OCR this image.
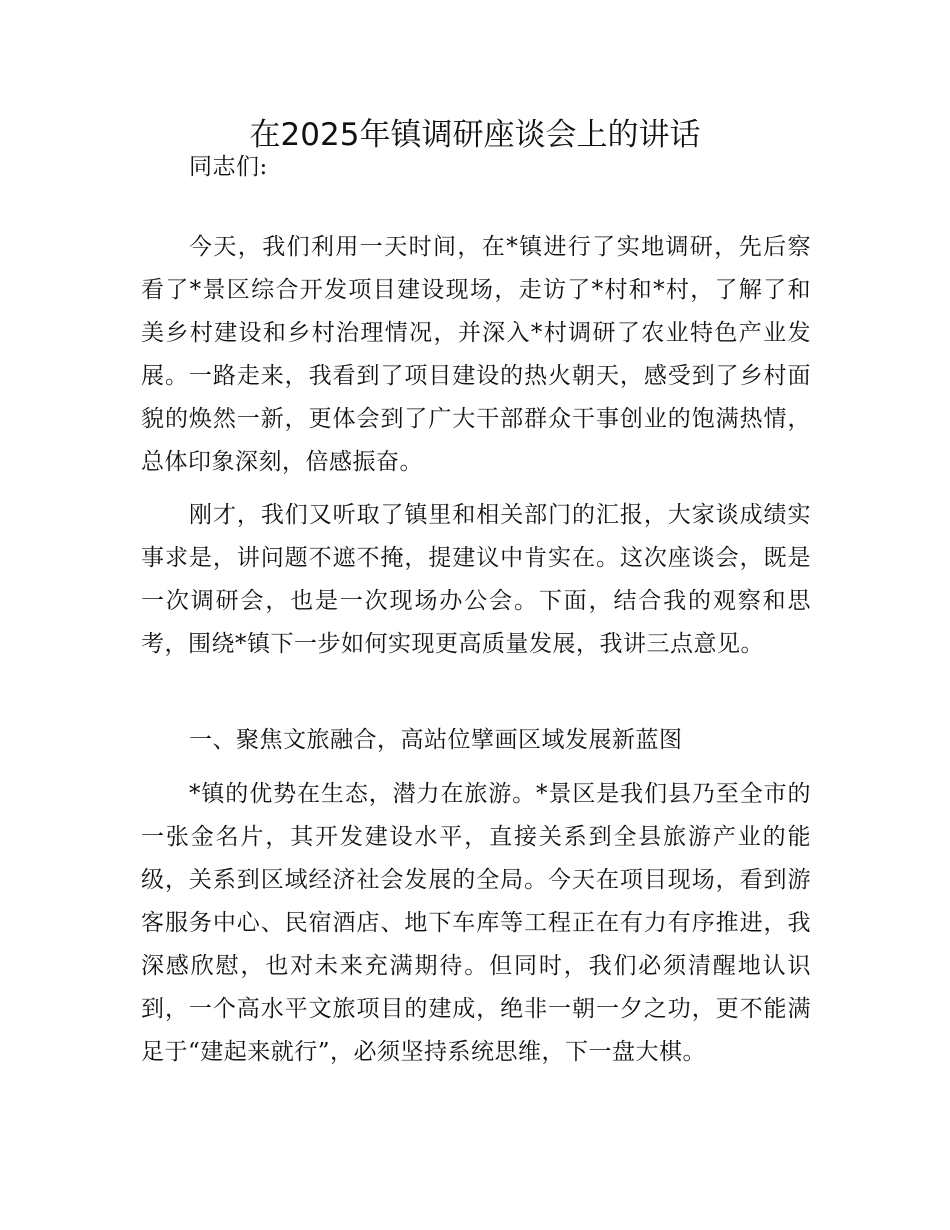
在2025年镇调研座谈会上的讲话

同志们:

今天，我们利用一天时间，在*镇进行了实地调研，先后察看了*景区综合开发项目建设现场，走访了*村和*村，了解了和美乡村建设和乡村治理情况，并深入*村调研了农业特色产业发展。一路走来，我看到了项目建设的热火朝天，感受到了乡村面貌的焕然一新，更体会到了广大干部群众干事创业的饱满热情，总体印象深刻，倍感振奋。

刚才，我们又听取了镇里和相关部门的汇报，大家谈成绩实事求是，讲问题不遮不掩，提建议中肯实在。这次座谈会，既是一次调研会，也是一次现场办公会。下面，结合我的观察和思考，围绕*镇下一步如何实现更高质量发展，我讲三点意见。

一、聚焦文旅融合，高站位擘画区域发展新蓝图

*镇的优势在生态，潜力在旅游。*景区是我们县乃至全市的一张金名片，其开发建设水平，直接关系到全县旅游产业的能级，关系到区域经济社会发展的全局。今天在项目现场，看到游客服务中心、民宿酒店、地下车库等工程正在有力有序推进，我深感欣慰，也对未来充满期待。但同时，我们必须清醒地认识到，一个高水平文旅项目的建成，绝非一朝一夕之功，更不能满足于“建起来就行”，必须坚持系统思维，下一盘大棋。
